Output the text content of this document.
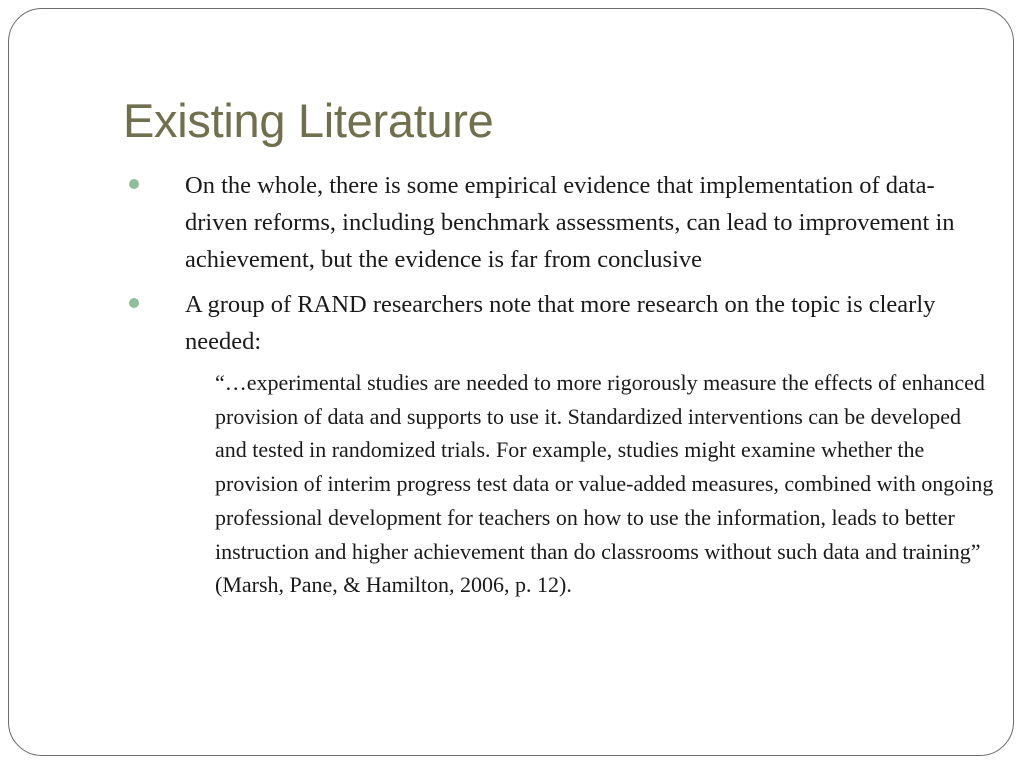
Existing Literature
On the whole, there is some empirical evidence that implementation of data-driven reforms, including benchmark assessments, can lead to improvement in achievement, but the evidence is far from conclusive
A group of RAND researchers note that more research on the topic is clearly needed:
“…experimental studies are needed to more rigorously measure the effects of enhanced provision of data and supports to use it. Standardized interventions can be developed and tested in randomized trials. For example, studies might examine whether the provision of interim progress test data or value-added measures, combined with ongoing professional development for teachers on how to use the information, leads to better instruction and higher achievement than do classrooms without such data and training” (Marsh, Pane, & Hamilton, 2006, p. 12).
